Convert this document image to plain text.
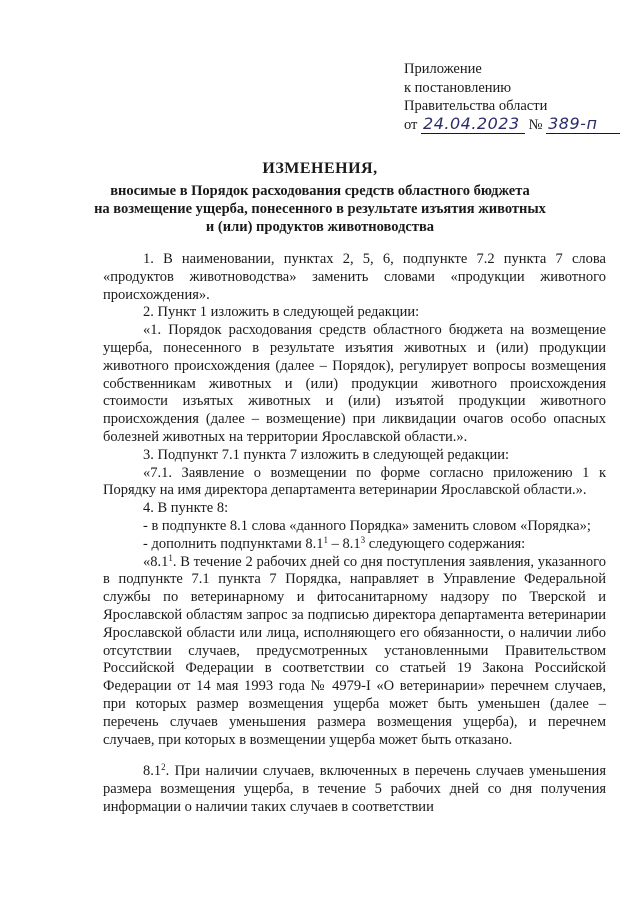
Приложение
к постановлению
Правительства области
от 24.04.2023 № 389-п
ИЗМЕНЕНИЯ,
вносимые в Порядок расходования средств областного бюджета
на возмещение ущерба, понесенного в результате изъятия животных
и (или) продуктов животноводства

1. В наименовании, пунктах 2, 5, 6, подпункте 7.2 пункта 7 слова «продуктов животноводства» заменить словами «продукции животного происхождения».

2. Пункт 1 изложить в следующей редакции:

«1. Порядок расходования средств областного бюджета на возмещение ущерба, понесенного в результате изъятия животных и (или) продукции животного происхождения (далее – Порядок), регулирует вопросы возмещения собственникам животных и (или) продукции животного происхождения стоимости изъятых животных и (или) изъятой продукции животного происхождения (далее – возмещение) при ликвидации очагов особо опасных болезней животных на территории Ярославской области.».

3. Подпункт 7.1 пункта 7 изложить в следующей редакции:

«7.1. Заявление о возмещении по форме согласно приложению 1 к Порядку на имя директора департамента ветеринарии Ярославской области.».

4. В пункте 8:

- в подпункте 8.1 слова «данного Порядка» заменить словом «Порядка»;

- дополнить подпунктами $8.1^1 - 8.1^3$ следующего содержания:

«$8.1^1$. В течение 2 рабочих дней со дня поступления заявления, указанного в подпункте 7.1 пункта 7 Порядка, направляет в Управление Федеральной службы по ветеринарному и фитосанитарному надзору по Тверской и Ярославской областям запрос за подписью директора департамента ветеринарии Ярославской области или лица, исполняющего его обязанности, о наличии либо отсутствии случаев, предусмотренных установленными Правительством Российской Федерации в соответствии со статьей 19 Закона Российской Федерации от 14 мая 1993 года № 4979-I «О ветеринарии» перечнем случаев, при которых размер возмещения ущерба может быть уменьшен (далее – перечень случаев уменьшения размера возмещения ущерба), и перечнем случаев, при которых в возмещении ущерба может быть отказано.

$8.1^2$. При наличии случаев, включенных в перечень случаев уменьшения размера возмещения ущерба, в течение 5 рабочих дней со дня получения информации о наличии таких случаев в соответствии
